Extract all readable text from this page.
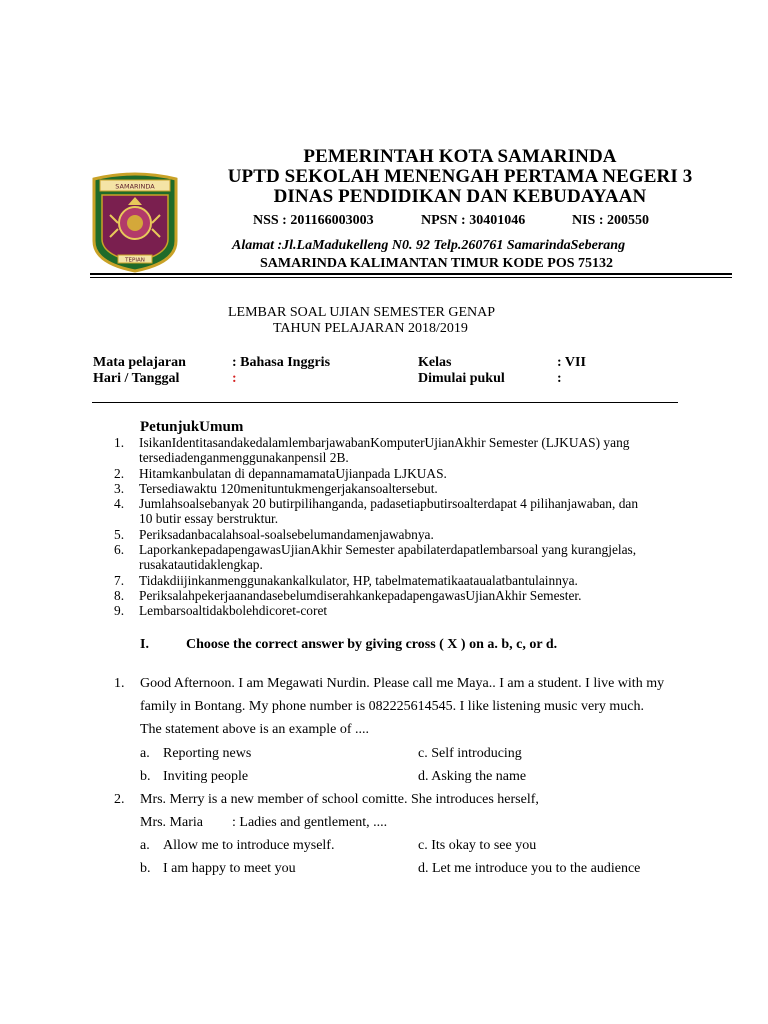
SAMARINDA
TEPIAN
PEMERINTAH KOTA SAMARINDA
UPTD SEKOLAH MENENGAH PERTAMA NEGERI 3
DINAS PENDIDIKAN DAN KEBUDAYAAN
NSS : 201166003003	NPSN : 30401046	NIS : 200550
Alamat :Jl.LaMadukelleng N0. 92 Telp.260761 SamarindaSeberang
SAMARINDA KALIMANTAN TIMUR KODE POS 75132
LEMBAR SOAL UJIAN SEMESTER GENAP
TAHUN PELAJARAN 2018/2019
Mata pelajaran	: Bahasa Inggris	Kelas	: VII
Hari / Tanggal	:	Dimulai pukul	:
PetunjukUmum
1. IsikanIdentitasandakedalamlembarjawabanKomputerUjianAkhir Semester (LJKUAS) yang
tersediadenganmenggunakanpensil 2B.
2. Hitamkanbulatan di depannamamataUjianpada LJKUAS.
3. Tersediawaktu 120menituntukmengerjakansoaltersebut.
4. Jumlahsoalsebanyak 20 butirpilihanganda, padasetiapbutirsoalterdapat 4 pilihanjawaban, dan
10 butir essay berstruktur.
5. Periksadanbacalahsoal-soalsebelumandamenjawabnya.
6. LaporkankepadapengawasUjianAkhir Semester apabilaterdapatlembarsoal yang kurangjelas,
rusakatautidaklengkap.
7. Tidakdiijinkanmenggunakankalkulator, HP, tabelmatematikaataualatbantulainnya.
8. PeriksalahpekerjaanandasebelumdiserahkankepadapengawasUjianAkhir Semester.
9. Lembarsoaltidakbolehdicoret-coret
I.	Choose the correct answer by giving cross ( X ) on a. b, c, or d.
1. Good Afternoon. I am Megawati Nurdin. Please call me Maya.. I am a student. I live with my
family in Bontang. My phone number is 082225614545. I like listening music very much.
The statement above is an example of ....
a. Reporting news	c. Self introducing
b. Inviting people	d. Asking the name
2. Mrs. Merry is a new member of school comitte. She introduces herself,
Mrs. Maria : Ladies and gentlement, ....
a. Allow me to introduce myself.	c. Its okay to see you
b. I am happy to meet you	d. Let me introduce you to the audience
